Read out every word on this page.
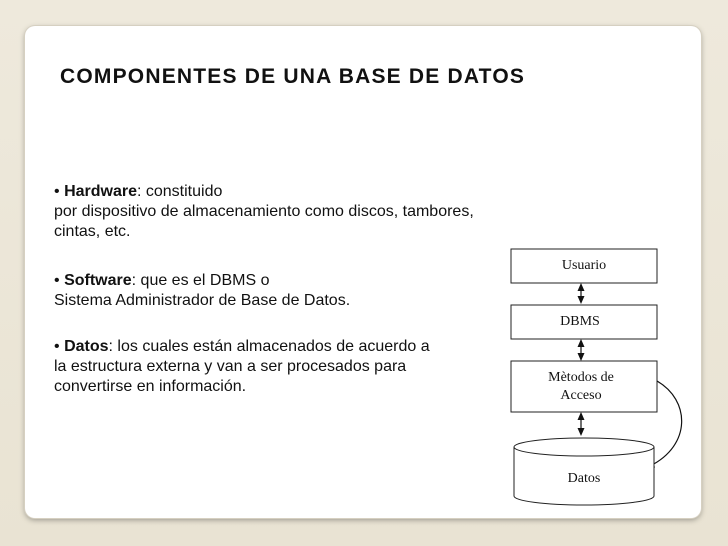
COMPONENTES DE UNA BASE DE DATOS
• Hardware: constituido
por dispositivo de almacenamiento como discos, tambores,
cintas, etc.
• Software: que es el DBMS o
Sistema Administrador de Base de Datos.
• Datos: los cuales están almacenados de acuerdo a
la estructura externa y van a ser procesados para
convertirse en información.
Usuario
DBMS
Mètodos de
Acceso
Datos
